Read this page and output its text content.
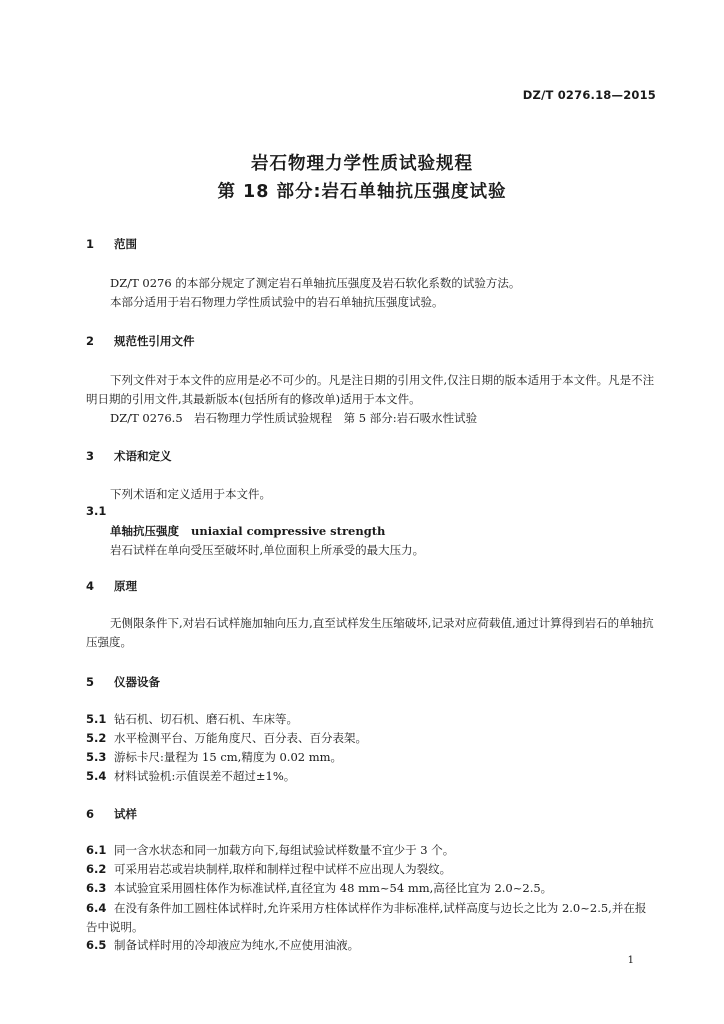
DZ/T 0276.18—2015
岩石物理力学性质试验规程
第 18 部分:岩石单轴抗压强度试验
1 范围
DZ/T 0276 的本部分规定了测定岩石单轴抗压强度及岩石软化系数的试验方法。
本部分适用于岩石物理力学性质试验中的岩石单轴抗压强度试验。
2 规范性引用文件
下列文件对于本文件的应用是必不可少的。凡是注日期的引用文件,仅注日期的版本适用于本文件。凡是不注明日期的引用文件,其最新版本(包括所有的修改单)适用于本文件。
DZ/T 0276.5　岩石物理力学性质试验规程　第 5 部分:岩石吸水性试验
3 术语和定义
下列术语和定义适用于本文件。
3.1
单轴抗压强度 uniaxial compressive strength
岩石试样在单向受压至破坏时,单位面积上所承受的最大压力。
4 原理
无侧限条件下,对岩石试样施加轴向压力,直至试样发生压缩破坏,记录对应荷载值,通过计算得到岩石的单轴抗压强度。
5 仪器设备
5.1 钻石机、切石机、磨石机、车床等。
5.2 水平检测平台、万能角度尺、百分表、百分表架。
5.3 游标卡尺:量程为 15 cm,精度为 0.02 mm。
5.4 材料试验机:示值误差不超过±1%。
6 试样
6.1 同一含水状态和同一加载方向下,每组试验试样数量不宜少于 3 个。
6.2 可采用岩芯或岩块制样,取样和制样过程中试样不应出现人为裂纹。
6.3 本试验宜采用圆柱体作为标准试样,直径宜为 48 mm~54 mm,高径比宜为 2.0~2.5。
6.4 在没有条件加工圆柱体试样时,允许采用方柱体试样作为非标准样,试样高度与边长之比为 2.0~2.5,并在报告中说明。
6.5 制备试样时用的冷却液应为纯水,不应使用油液。
1
